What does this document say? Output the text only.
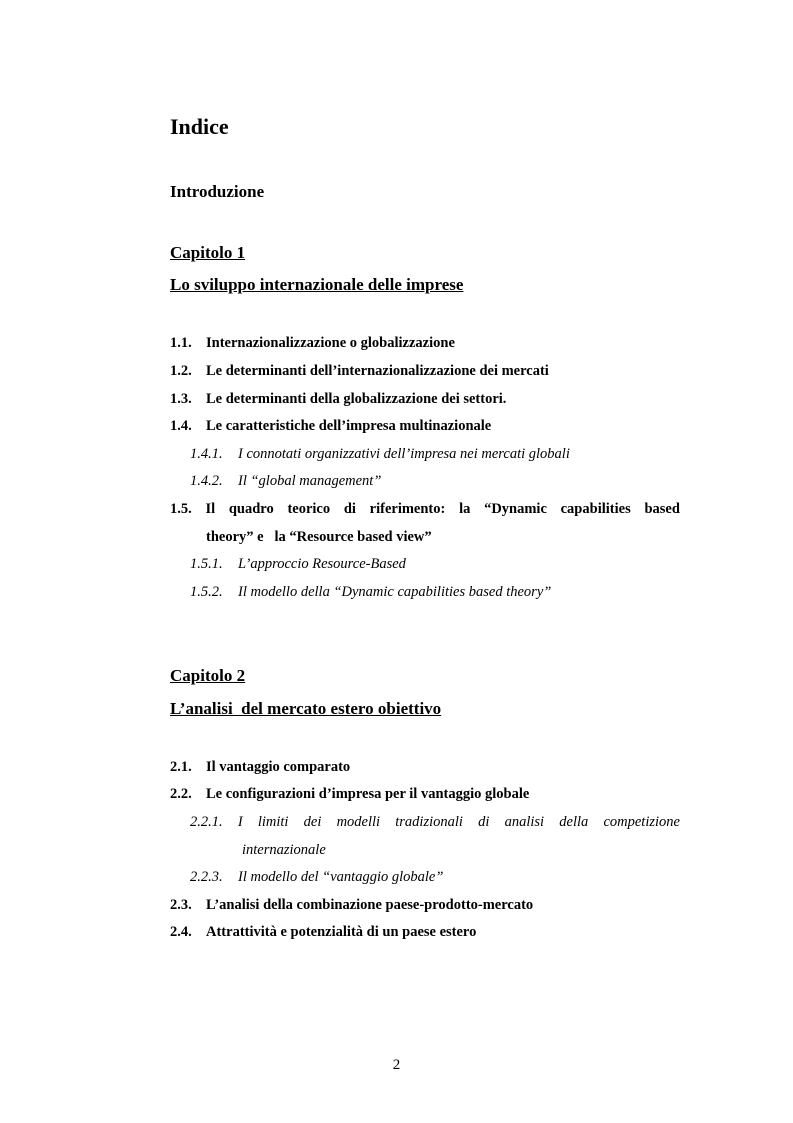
Indice
Introduzione
Capitolo 1
Lo sviluppo internazionale delle imprese
1.1. Internazionalizzazione o globalizzazione
1.2. Le determinanti dell’internazionalizzazione dei mercati
1.3. Le determinanti della globalizzazione dei settori.
1.4. Le caratteristiche dell’impresa multinazionale
1.4.1. I connotati organizzativi dell’impresa nei mercati globali
1.4.2. Il “global management”
1.5. Il quadro teorico di riferimento: la “Dynamic capabilities based
theory” e   la “Resource based view”
1.5.1. L’approccio Resource-Based
1.5.2. Il modello della “Dynamic capabilities based theory”
Capitolo 2
L’analisi  del mercato estero obiettivo
2.1. Il vantaggio comparato
2.2. Le configurazioni d’impresa per il vantaggio globale
2.2.1. I limiti dei modelli tradizionali di analisi della competizione
internazionale
2.2.3. Il modello del “vantaggio globale”
2.3. L’analisi della combinazione paese-prodotto-mercato
2.4. Attrattività e potenzialità di un paese estero
2
